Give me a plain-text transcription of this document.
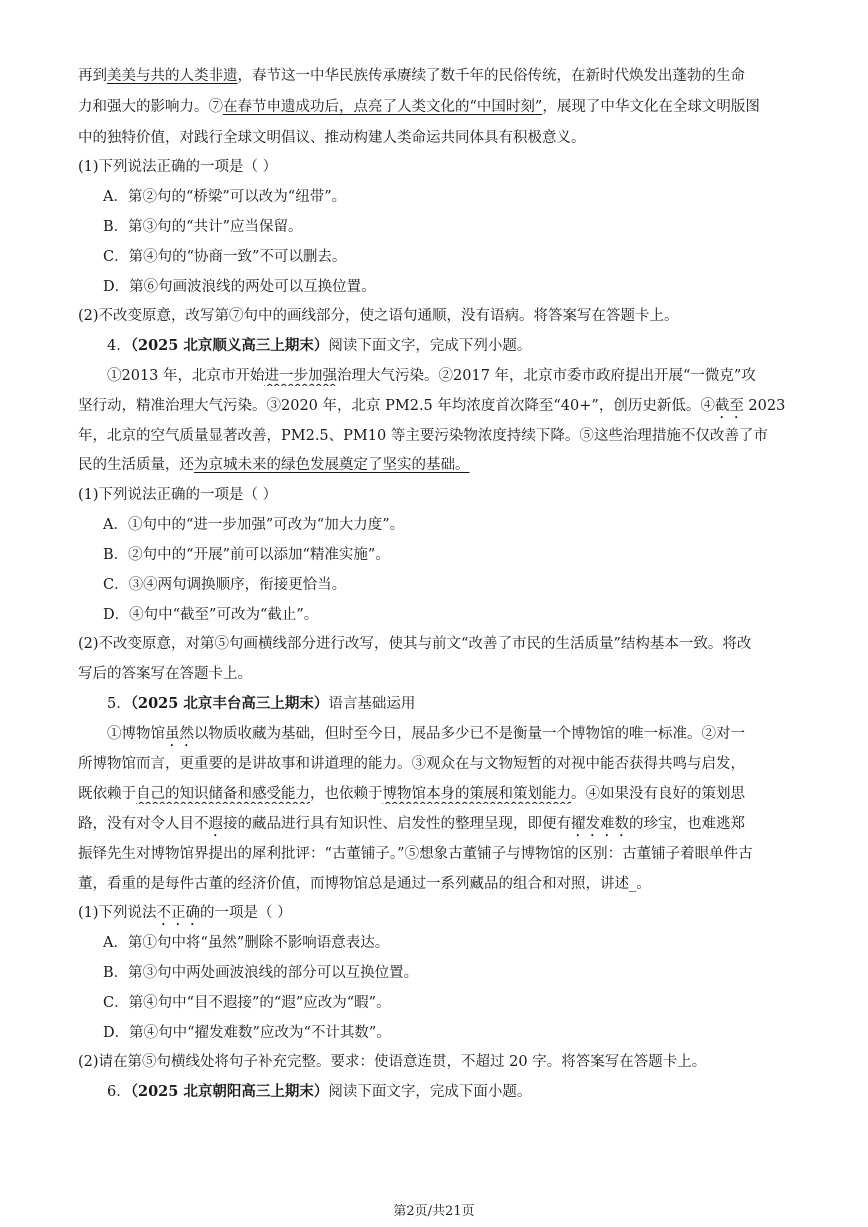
再到美美与共的人类非遗，春节这一中华民族传承赓续了数千年的民俗传统，在新时代焕发出蓬勃的生命
力和强大的影响力。⑦在春节申遗成功后，点亮了人类文化的“中国时刻”，展现了中华文化在全球文明版图
中的独特价值，对践行全球文明倡议、推动构建人类命运共同体具有积极意义。
(1)下列说法正确的一项是（ ）
A．第②句的“桥梁”可以改为“纽带”。
B．第③句的“共计”应当保留。
C．第④句的“协商一致”不可以删去。
D．第⑥句画波浪线的两处可以互换位置。
(2)不改变原意，改写第⑦句中的画线部分，使之语句通顺，没有语病。将答案写在答题卡上。
4．（2025 北京顺义高三上期末）阅读下面文字，完成下列小题。
①2013 年，北京市开始进一步加强治理大气污染。②2017 年，北京市委市政府提出开展“一微克”攻
坚行动，精准治理大气污染。③2020 年，北京 PM2.5 年均浓度首次降至“40+”，创历史新低。④截至 2023
年，北京的空气质量显著改善，PM2.5、PM10 等主要污染物浓度持续下降。⑤这些治理措施不仅改善了市
民的生活质量，还为京城未来的绿色发展奠定了坚实的基础。
(1)下列说法正确的一项是（ ）
A．①句中的“进一步加强”可改为“加大力度”。
B．②句中的“开展”前可以添加“精准实施”。
C．③④两句调换顺序，衔接更恰当。
D．④句中“截至”可改为“截止”。
(2)不改变原意，对第⑤句画横线部分进行改写，使其与前文“改善了市民的生活质量”结构基本一致。将改
写后的答案写在答题卡上。
5．（2025 北京丰台高三上期末）语言基础运用
①博物馆虽然以物质收藏为基础，但时至今日，展品多少已不是衡量一个博物馆的唯一标准。②对一
所博物馆而言，更重要的是讲故事和讲道理的能力。③观众在与文物短暂的对视中能否获得共鸣与启发，
既依赖于自己的知识储备和感受能力，也依赖于博物馆本身的策展和策划能力。④如果没有良好的策划思
路，没有对令人目不遐接的藏品进行具有知识性、启发性的整理呈现，即便有擢发难数的珍宝，也难逃郑
振铎先生对博物馆界提出的犀利批评：“古董铺子。”⑤想象古董铺子与博物馆的区别：古董铺子着眼单件古
董，看重的是每件古董的经济价值，而博物馆总是通过一系列藏品的组合和对照，讲述_。
(1)下列说法不正确的一项是（ ）
A．第①句中将“虽然”删除不影响语意表达。
B．第③句中两处画波浪线的部分可以互换位置。
C．第④句中“目不遐接”的“遐”应改为“暇”。
D．第④句中“擢发难数”应改为“不计其数”。
(2)请在第⑤句横线处将句子补充完整。要求：使语意连贯，不超过 20 字。将答案写在答题卡上。
6．（2025 北京朝阳高三上期末）阅读下面文字，完成下面小题。
第2页/共21页
